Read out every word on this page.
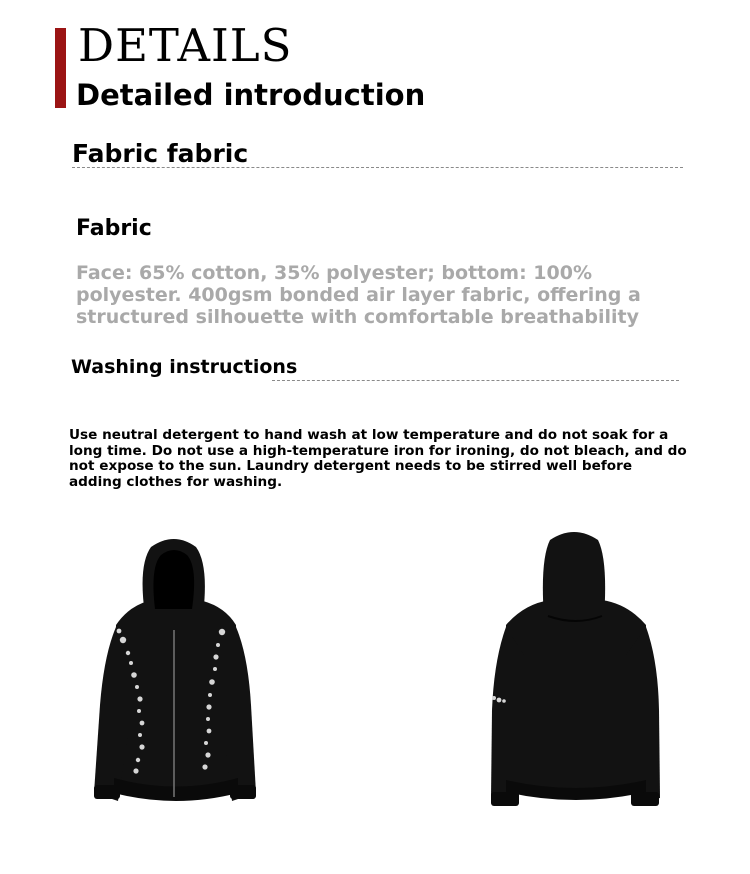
DETAILS
Detailed introduction
Fabric fabric
Fabric

Face: 65% cotton, 35% polyester; bottom: 100% polyester. 400gsm bonded air layer fabric, offering a structured silhouette with comfortable breathability

Washing instructions

Use neutral detergent to hand wash at low temperature and do not soak for a long time. Do not use a high-temperature iron for ironing, do not bleach, and do not expose to the sun. Laundry detergent needs to be stirred well before adding clothes for washing.
